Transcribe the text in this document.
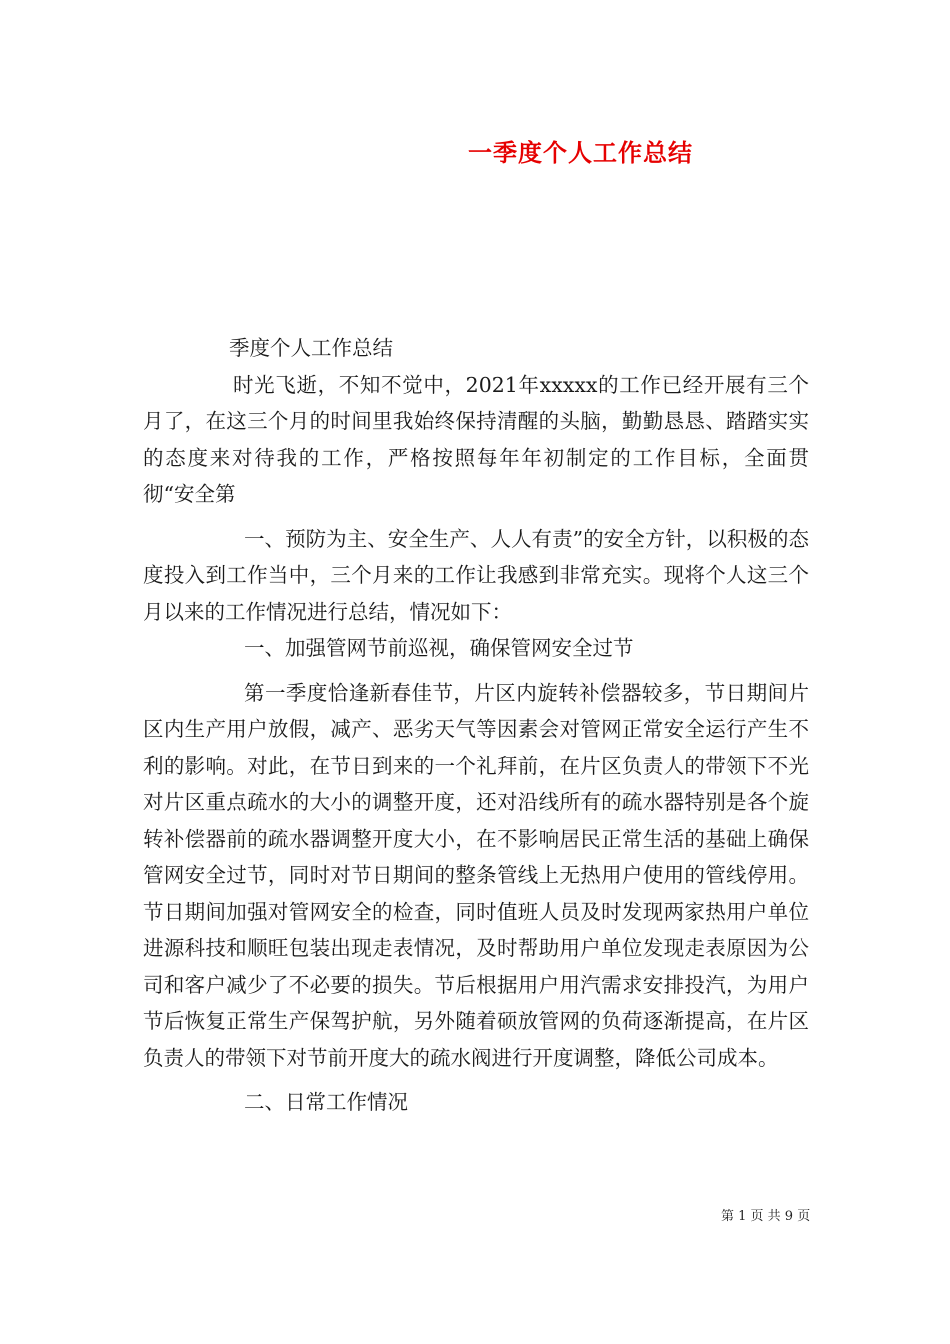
一季度个人工作总结

季度个人工作总结

时光飞逝，不知不觉中，2021年xxxxx的工作已经开展有三个月了，在这三个月的时间里我始终保持清醒的头脑，勤勤恳恳、踏踏实实的态度来对待我的工作，严格按照每年年初制定的工作目标，全面贯彻“安全第

一、预防为主、安全生产、人人有责”的安全方针，以积极的态度投入到工作当中，三个月来的工作让我感到非常充实。现将个人这三个月以来的工作情况进行总结，情况如下：

一、加强管网节前巡视，确保管网安全过节

第一季度恰逢新春佳节，片区内旋转补偿器较多，节日期间片区内生产用户放假，减产、恶劣天气等因素会对管网正常安全运行产生不利的影响。对此，在节日到来的一个礼拜前，在片区负责人的带领下不光对片区重点疏水的大小的调整开度，还对沿线所有的疏水器特别是各个旋转补偿器前的疏水器调整开度大小，在不影响居民正常生活的基础上确保管网安全过节，同时对节日期间的整条管线上无热用户使用的管线停用。节日期间加强对管网安全的检查，同时值班人员及时发现两家热用户单位进源科技和顺旺包装出现走表情况，及时帮助用户单位发现走表原因为公司和客户减少了不必要的损失。节后根据用户用汽需求安排投汽，为用户节后恢复正常生产保驾护航，另外随着硕放管网的负荷逐渐提高，在片区负责人的带领下对节前开度大的疏水阀进行开度调整，降低公司成本。

二、日常工作情况

第 1 页 共 9 页
